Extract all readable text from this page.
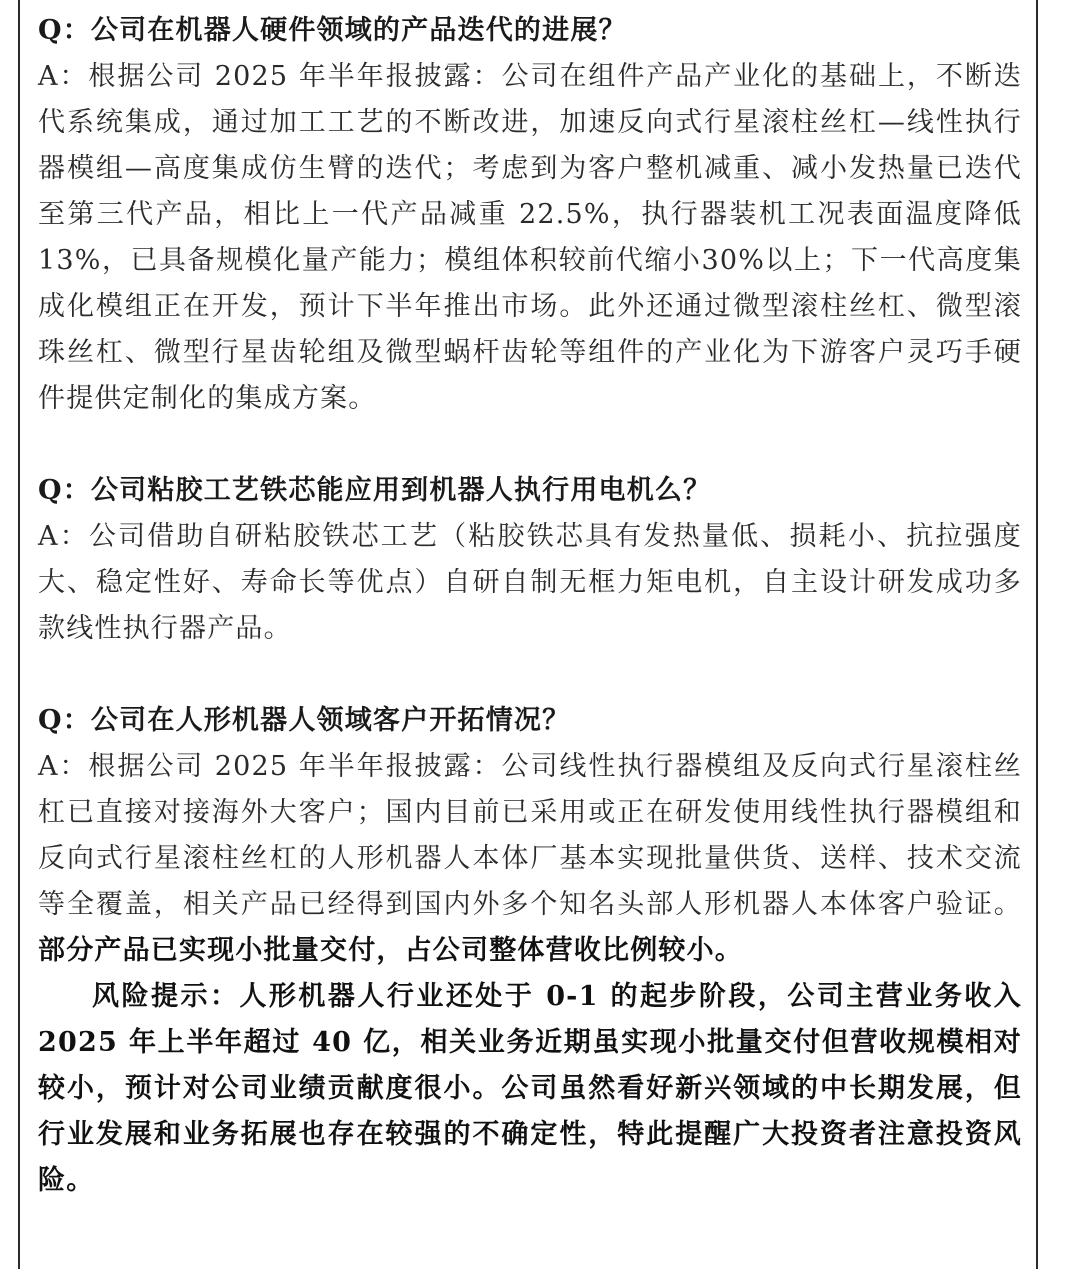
Q：公司在机器人硬件领域的产品迭代的进展？

A：根据公司 2025 年半年报披露：公司在组件产品产业化的基础上，不断迭代系统集成，通过加工工艺的不断改进，加速反向式行星滚柱丝杠—线性执行器模组—高度集成仿生臂的迭代；考虑到为客户整机减重、减小发热量已迭代至第三代产品，相比上一代产品减重 22.5%，执行器装机工况表面温度降低 13%，已具备规模化量产能力；模组体积较前代缩小30%以上；下一代高度集成化模组正在开发，预计下半年推出市场。此外还通过微型滚柱丝杠、微型滚珠丝杠、微型行星齿轮组及微型蜗杆齿轮等组件的产业化为下游客户灵巧手硬件提供定制化的集成方案。

Q：公司粘胶工艺铁芯能应用到机器人执行用电机么？

A：公司借助自研粘胶铁芯工艺（粘胶铁芯具有发热量低、损耗小、抗拉强度大、稳定性好、寿命长等优点）自研自制无框力矩电机，自主设计研发成功多款线性执行器产品。

Q：公司在人形机器人领域客户开拓情况？

A：根据公司 2025 年半年报披露：公司线性执行器模组及反向式行星滚柱丝杠已直接对接海外大客户；国内目前已采用或正在研发使用线性执行器模组和反向式行星滚柱丝杠的人形机器人本体厂基本实现批量供货、送样、技术交流等全覆盖，相关产品已经得到国内外多个知名头部人形机器人本体客户验证。部分产品已实现小批量交付，占公司整体营收比例较小。

风险提示：人形机器人行业还处于 0-1 的起步阶段，公司主营业务收入 2025 年上半年超过 40 亿，相关业务近期虽实现小批量交付但营收规模相对较小，预计对公司业绩贡献度很小。公司虽然看好新兴领域的中长期发展，但行业发展和业务拓展也存在较强的不确定性，特此提醒广大投资者注意投资风险。
